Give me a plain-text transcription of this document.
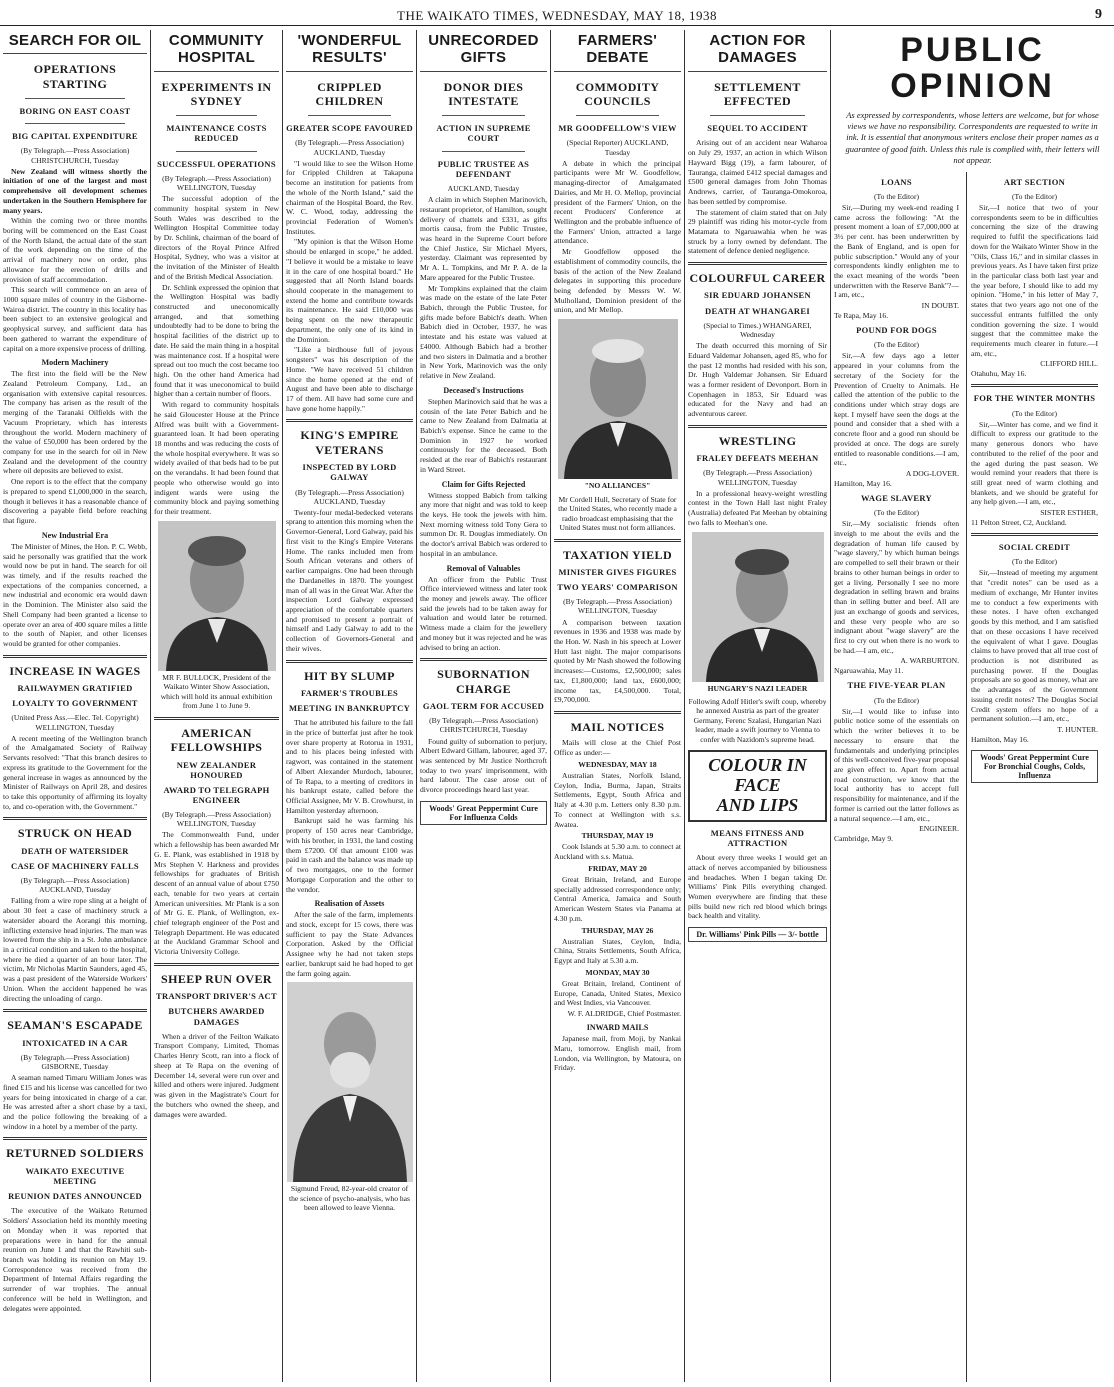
THE WAIKATO TIMES, WEDNESDAY, MAY 18, 1938	9
SEARCH FOR OIL
OPERATIONS STARTING
BORING ON EAST COAST
BIG CAPITAL EXPENDITURE
(By Telegraph.—Press Association) CHRISTCHURCH, Tuesday
New Zealand will witness shortly the initiation of one of the largest and most comprehensive oil development schemes undertaken in the Southern Hemisphere for many years.
Within the coming two or three months boring will be commenced on the East Coast of the North Island, the actual date of the start of the work depending on the time of the arrival of machinery now on order, plus allowance for the erection of drills and provision of staff accommodation.
This search will commence on an area of 1000 square miles of country in the Gisborne-Wairoa district. The country in this locality has been subject to an extensive geological and geophysical survey, and sufficient data has been gathered to warrant the expenditure of capital on a more expensive process of drilling.
Modern Machinery
The first into the field will be the New Zealand Petroleum Company, Ltd., an organisation with extensive capital resources. The company has arisen as the result of the merging of the Taranaki Oilfields with the Vacuum Proprietary, which has interests throughout the world. Modern machinery of the value of £50,000 has been ordered by the company for use in the search for oil in New Zealand and the development of the country where oil deposits are believed to exist.
One report is to the effect that the company is prepared to spend £1,000,000 in the search, though it believes it has a reasonable chance of discovering a payable field before reaching that figure.
New Industrial Era
The Minister of Mines, the Hon. P. C. Webb, said he personally was gratified that the work would now be put in hand. The search for oil was timely, and if the results reached the expectations of the companies concerned, a new industrial and economic era would dawn in the Dominion. The Minister also said the Shell Company had been granted a license to operate over an area of 400 square miles a little to the south of Napier, and other licenses would be granted for other companies.
INCREASE IN WAGES
RAILWAYMEN GRATIFIED
LOYALTY TO GOVERNMENT
(United Press Ass.—Elec. Tel. Copyright) WELLINGTON, Tuesday
A recent meeting of the Wellington branch of the Amalgamated Society of Railway Servants resolved: "That this branch desires to express its gratitude to the Government for the general increase in wages as announced by the Minister of Railways on April 28, and desires to take this opportunity of affirming its loyalty to, and co-operation with, the Government."
STRUCK ON HEAD
DEATH OF WATERSIDER
CASE OF MACHINERY FALLS
(By Telegraph.—Press Association) AUCKLAND, Tuesday
Falling from a wire rope sling at a height of about 30 feet a case of machinery struck a watersider aboard the Aorangi this morning, inflicting extensive head injuries. The man was lowered from the ship in a St. John ambulance in a critical condition and taken to the hospital, where he died a quarter of an hour later. The victim, Mr Nicholas Martin Saunders, aged 45, was a past president of the Waterside Workers' Union. When the accident happened he was directing the unloading of cargo.
SEAMAN'S ESCAPADE
INTOXICATED IN A CAR
(By Telegraph.—Press Association) GISBORNE, Tuesday
A seaman named Timaru William Jones was fined £15 and his license was cancelled for two years for being intoxicated in charge of a car. He was arrested after a short chase by a taxi, and the police following the breaking of a window in a hotel by a member of the party.
RETURNED SOLDIERS
WAIKATO EXECUTIVE MEETING
REUNION DATES ANNOUNCED
The executive of the Waikato Returned Soldiers' Association held its monthly meeting on Monday when it was reported that preparations were in hand for the annual reunion on June 1 and that the Rawhiti sub-branch was holding its reunion on May 19. Correspondence was received from the Department of Internal Affairs regarding the surrender of war trophies. The annual conference will be held in Wellington, and delegates were appointed.
COMMUNITY HOSPITAL
EXPERIMENTS IN SYDNEY
MAINTENANCE COSTS REDUCED
SUCCESSFUL OPERATIONS
(By Telegraph.—Press Association) WELLINGTON, Tuesday
The successful adoption of the community hospital system in New South Wales was described to the Wellington Hospital Committee today by Dr. Schlink, chairman of the board of directors of the Royal Prince Alfred Hospital, Sydney, who was a visitor at the invitation of the Minister of Health and of the British Medical Association.
Dr. Schlink expressed the opinion that the Wellington Hospital was badly constructed and uneconomically arranged, and that something undoubtedly had to be done to bring the hospital facilities of the district up to date. He said the main thing in a hospital was maintenance cost. If a hospital were spread out too much the cost became too high. On the other hand America had found that it was uneconomical to build higher than a certain number of floors.
With regard to community hospitals he said Gloucester House at the Prince Alfred was built with a Government-guaranteed loan. It had been operating 18 months and was reducing the costs of the whole hospital everywhere. It was so widely availed of that beds had to be put on the verandahs. It had been found that people who otherwise would go into indigent wards were using the community block and paying something for their treatment.
MR F. BULLOCK, President of the Waikato Winter Show Association, which will hold its annual exhibition from June 1 to June 9.
AMERICAN FELLOWSHIPS
NEW ZEALANDER HONOURED
AWARD TO TELEGRAPH ENGINEER
(By Telegraph.—Press Association) WELLINGTON, Tuesday
The Commonwealth Fund, under which a fellowship has been awarded Mr G. E. Plank, was established in 1918 by Mrs Stephen V. Harkness and provides fellowships for graduates of British descent of an annual value of about £750 each, tenable for two years at certain American universities. Mr Plank is a son of Mr G. E. Plank, of Wellington, ex-chief telegraph engineer of the Post and Telegraph Department. He was educated at the Auckland Grammar School and Victoria University College.
SHEEP RUN OVER
TRANSPORT DRIVER'S ACT
BUTCHERS AWARDED DAMAGES
When a driver of the Feilton Waikato Transport Company, Limited, Thomas Charles Henry Scott, ran into a flock of sheep at Te Rapa on the evening of December 14, several were run over and killed and others were injured. Judgment was given in the Magistrate's Court for the butchers who owned the sheep, and damages were awarded.
'WONDERFUL RESULTS'
CRIPPLED CHILDREN
GREATER SCOPE FAVOURED
(By Telegraph.—Press Association) AUCKLAND, Tuesday
"I would like to see the Wilson Home for Crippled Children at Takapuna become an institution for patients from the whole of the North Island," said the chairman of the Hospital Board, the Rev. W. C. Wood, today, addressing the provincial Federation of Women's Institutes.
"My opinion is that the Wilson Home should be enlarged in scope," he added. "I believe it would be a mistake to leave it in the care of one hospital board." He suggested that all North Island boards should cooperate in the management to extend the home and contribute towards its maintenance. He said £10,000 was being spent on the new therapeutic department, the only one of its kind in the Dominion.
"Like a birdhouse full of joyous songsters" was his description of the Home. "We have received 51 children since the home opened at the end of August and have been able to discharge 17 of them. All have had some cure and have gone home happily."
KING'S EMPIRE VETERANS
INSPECTED BY LORD GALWAY
(By Telegraph.—Press Association) AUCKLAND, Tuesday
Twenty-four medal-bedecked veterans sprang to attention this morning when the Governor-General, Lord Galway, paid his first visit to the King's Empire Veterans Home. The ranks included men from South African veterans and others of earlier campaigns. One had been through the Dardanelles in 1870. The youngest man of all was in the Great War. After the inspection Lord Galway expressed appreciation of the comfortable quarters and promised to present a portrait of himself and Lady Galway to add to the collection of Governors-General and their wives.
HIT BY SLUMP
FARMER'S TROUBLES
MEETING IN BANKRUPTCY
That he attributed his failure to the fall in the price of butterfat just after he took over share property at Rotorua in 1931, and to his places being infested with ragwort, was contained in the statement of Albert Alexander Murdoch, labourer, of Te Rapa, to a meeting of creditors in his bankrupt estate, called before the Official Assignee, Mr V. B. Crowhurst, in Hamilton yesterday afternoon.
Bankrupt said he was farming his property of 150 acres near Cambridge, with his brother, in 1931, the land costing them £7200. Of that amount £100 was paid in cash and the balance was made up of two mortgages, one to the former Mortgage Corporation and the other to the vendor.
Realisation of Assets
After the sale of the farm, implements and stock, except for 15 cows, there was sufficient to pay the State Advances Corporation. Asked by the Official Assignee why he had not taken steps earlier, bankrupt said he had hoped to get the farm going again.
Sigmund Freud, 82-year-old creator of the science of psycho-analysis, who has been allowed to leave Vienna.
UNRECORDED GIFTS
DONOR DIES INTESTATE
ACTION IN SUPREME COURT
PUBLIC TRUSTEE AS DEFENDANT
AUCKLAND, Tuesday
A claim in which Stephen Marinovich, restaurant proprietor, of Hamilton, sought delivery of chattels and £331, as gifts mortis causa, from the Public Trustee, was heard in the Supreme Court before the Chief Justice, Sir Michael Myers, yesterday. Claimant was represented by Mr A. L. Tompkins, and Mr P. A. de la Mare appeared for the Public Trustee.
Mr Tompkins explained that the claim was made on the estate of the late Peter Babich, through the Public Trustee, for gifts made before Babich's death. When Babich died in October, 1937, he was intestate and his estate was valued at £4000. Although Babich had a brother and two sisters in Dalmatia and a brother in New York, Marinovich was the only relative in New Zealand.
Deceased's Instructions
Stephen Marinovich said that he was a cousin of the late Peter Babich and he came to New Zealand from Dalmatia at Babich's expense. Since he came to the Dominion in 1927 he worked continuously for the deceased. Both resided at the rear of Babich's restaurant in Ward Street.
Claim for Gifts Rejected
Witness stopped Babich from talking any more that night and was told to keep the keys. He took the jewels with him. Next morning witness told Tony Gera to summon Dr. R. Douglas immediately. On the doctor's arrival Babich was ordered to hospital in an ambulance.
Removal of Valuables
An officer from the Public Trust Office interviewed witness and later took the money and jewels away. The officer said the jewels had to be taken away for valuation and would later be returned. Witness made a claim for the jewellery and money but it was rejected and he was advised to bring an action.
SUBORNATION CHARGE
GAOL TERM FOR ACCUSED
(By Telegraph.—Press Association) CHRISTCHURCH, Tuesday
Found guilty of subornation to perjury, Albert Edward Gillam, labourer, aged 37, was sentenced by Mr Justice Northcroft today to two years' imprisonment, with hard labour. The case arose out of divorce proceedings heard last year.
Woods' Great Peppermint Cure For Influenza Colds
FARMERS' DEBATE
COMMODITY COUNCILS
MR GOODFELLOW'S VIEW
(Special Reporter) AUCKLAND, Tuesday
A debate in which the principal participants were Mr W. Goodfellow, managing-director of Amalgamated Dairies, and Mr H. O. Mellop, provincial president of the Farmers' Union, on the recent Producers' Conference at Wellington and the probable influence of the Farmers' Union, attracted a large attendance.
Mr Goodfellow opposed the establishment of commodity councils, the basis of the action of the New Zealand delegates in supporting this procedure being defended by Messrs W. W. Mulholland, Dominion president of the union, and Mr Mellop.
"NO ALLIANCES"
Mr Cordell Hull, Secretary of State for the United States, who recently made a radio broadcast emphasising that the United States must not form alliances.
TAXATION YIELD
MINISTER GIVES FIGURES
TWO YEARS' COMPARISON
(By Telegraph.—Press Association) WELLINGTON, Tuesday
A comparison between taxation revenues in 1936 and 1938 was made by the Hon. W. Nash in his speech at Lower Hutt last night. The major comparisons quoted by Mr Nash showed the following increases:—Customs, £2,500,000; sales tax, £1,800,000; land tax, £600,000; income tax, £4,500,000. Total, £9,700,000.
MAIL NOTICES
Mails will close at the Chief Post Office as under:—
WEDNESDAY, MAY 18
Australian States, Norfolk Island, Ceylon, India, Burma, Japan, Straits Settlements, Egypt, South Africa and Italy at 4.30 p.m. Letters only 8.30 p.m. To connect at Wellington with s.s. Awatea.
THURSDAY, MAY 19
Cook Islands at 5.30 a.m. to connect at Auckland with s.s. Matua.
FRIDAY, MAY 20
Great Britain, Ireland, and Europe specially addressed correspondence only; Central America, Jamaica and South American Western States via Panama at 4.30 p.m.
THURSDAY, MAY 26
Australian States, Ceylon, India, China, Straits Settlements, South Africa, Egypt and Italy at 5.30 a.m.
MONDAY, MAY 30
Great Britain, Ireland, Continent of Europe, Canada, United States, Mexico and West Indies, via Vancouver.
W. F. ALDRIDGE, Chief Postmaster.
INWARD MAILS
Japanese mail, from Moji, by Nankai Maru, tomorrow. English mail, from London, via Wellington, by Matoura, on Friday.
ACTION FOR DAMAGES
SETTLEMENT EFFECTED
SEQUEL TO ACCIDENT
Arising out of an accident near Waharoa on July 29, 1937, an action in which Wilson Hayward Bigg (19), a farm labourer, of Tauranga, claimed £412 special damages and £500 general damages from John Thomas Andrews, carrier, of Tauranga-Omokoroa, has been settled by compromise.
The statement of claim stated that on July 29 plaintiff was riding his motor-cycle from Matamata to Ngaruawahia when he was struck by a lorry owned by defendant. The statement of defence denied negligence.
COLOURFUL CAREER
SIR EDUARD JOHANSEN
DEATH AT WHANGAREI
(Special to Times.) WHANGAREI, Wednesday
The death occurred this morning of Sir Eduard Valdemar Johansen, aged 85, who for the past 12 months had resided with his son, Dr. Hugh Valdemar Johansen. Sir Eduard was a former resident of Devonport. Born in Copenhagen in 1853, Sir Eduard was educated for the Navy and had an adventurous career.
WRESTLING
FRALEY DEFEATS MEEHAN
(By Telegraph.—Press Association) WELLINGTON, Tuesday
In a professional heavy-weight wrestling contest in the Town Hall last night Fraley (Australia) defeated Pat Meehan by obtaining two falls to Meehan's one.
HUNGARY'S NAZI LEADER
Following Adolf Hitler's swift coup, whereby he annexed Austria as part of the greater Germany, Ferenc Szalasi, Hungarian Nazi leader, made a swift journey to Vienna to confer with Nazidom's supreme head.
COLOUR IN FACE
AND LIPS
MEANS FITNESS AND ATTRACTION
About every three weeks I would get an attack of nerves accompanied by biliousness and headaches. When I began taking Dr. Williams' Pink Pills everything changed. Women everywhere are finding that these pills build new rich red blood which brings back health and vitality.
Dr. Williams' Pink Pills — 3/- bottle
PUBLIC OPINION
As expressed by correspondents, whose letters are welcome, but for whose views we have no responsibility. Correspondents are requested to write in ink. It is essential that anonymous writers enclose their proper names as a guarantee of good faith. Unless this rule is complied with, their letters will not appear.
LOANS
(To the Editor)
Sir,—During my week-end reading I came across the following: "At the present moment a loan of £7,000,000 at 3½ per cent. has been underwritten by the Bank of England, and is open for public subscription." Would any of your correspondents kindly enlighten me to the exact meaning of the words "been underwritten with the Reserve Bank"?—I am, etc.,
IN DOUBT.
Te Rapa, May 16.
POUND FOR DOGS
(To the Editor)
Sir,—A few days ago a letter appeared in your columns from the secretary of the Society for the Prevention of Cruelty to Animals. He called the attention of the public to the conditions under which stray dogs are kept. I myself have seen the dogs at the pound and consider that a shed with a concrete floor and a good run should be provided at once. The dogs are surely entitled to reasonable conditions.—I am, etc.,
A DOG-LOVER.
Hamilton, May 16.
WAGE SLAVERY
(To the Editor)
Sir,—My socialistic friends often inveigh to me about the evils and the degradation of human life caused by "wage slavery," by which human beings are compelled to sell their brawn or their brains to other human beings in order to get a living. Personally I see no more degradation in selling brawn and brains than in selling butter and beef. All are just an exchange of goods and services, and these very people who are so indignant about "wage slavery" are the first to cry out when there is no work to be had.—I am, etc.,
A. WARBURTON.
Ngaruawahia, May 11.
THE FIVE-YEAR PLAN
(To the Editor)
Sir,—I would like to infuse into public notice some of the essentials on which the writer believes it to be necessary to ensure that the fundamentals and underlying principles of this well-conceived five-year proposal are given effect to. Apart from actual road construction, we know that the local authority has to accept full responsibility for maintenance, and if the former is carried out the latter follows as a natural sequence.—I am, etc.,
ENGINEER.
Cambridge, May 9.
ART SECTION
(To the Editor)
Sir,—I notice that two of your correspondents seem to be in difficulties concerning the size of the drawing required to fulfil the specifications laid down for the Waikato Winter Show in the "Oils, Class 16," and in similar classes in previous years. As I have taken first prize in the particular class both last year and the year before, I should like to add my opinion. "Home," in his letter of May 7, states that two years ago not one of the successful entrants fulfilled the only condition governing the size. I would suggest that the committee make the requirements much clearer in future.—I am, etc.,
CLIFFORD HILL.
Otahuhu, May 16.
FOR THE WINTER MONTHS
(To the Editor)
Sir,—Winter has come, and we find it difficult to express our gratitude to the many generous donors who have contributed to the relief of the poor and the aged during the past season. We would remind your readers that there is still great need of warm clothing and blankets, and we should be grateful for any help given.—I am, etc.,
SISTER ESTHER,
11 Pelton Street, C2, Auckland.
SOCIAL CREDIT
(To the Editor)
Sir,—Instead of meeting my argument that "credit notes" can be used as a medium of exchange, Mr Hunter invites me to conduct a few experiments with these notes. I have often exchanged goods by this method, and I am satisfied that on these occasions I have received the equivalent of what I gave. Douglas claims to have proved that all true cost of production is not distributed as purchasing power. If the Douglas proposals are so good as money, what are the advantages of the Government issuing credit notes? The Douglas Social Credit system offers no hope of a permanent solution.—I am, etc.,
T. HUNTER.
Hamilton, May 16.
Woods' Great Peppermint Cure For Bronchial Coughs, Colds, Influenza
